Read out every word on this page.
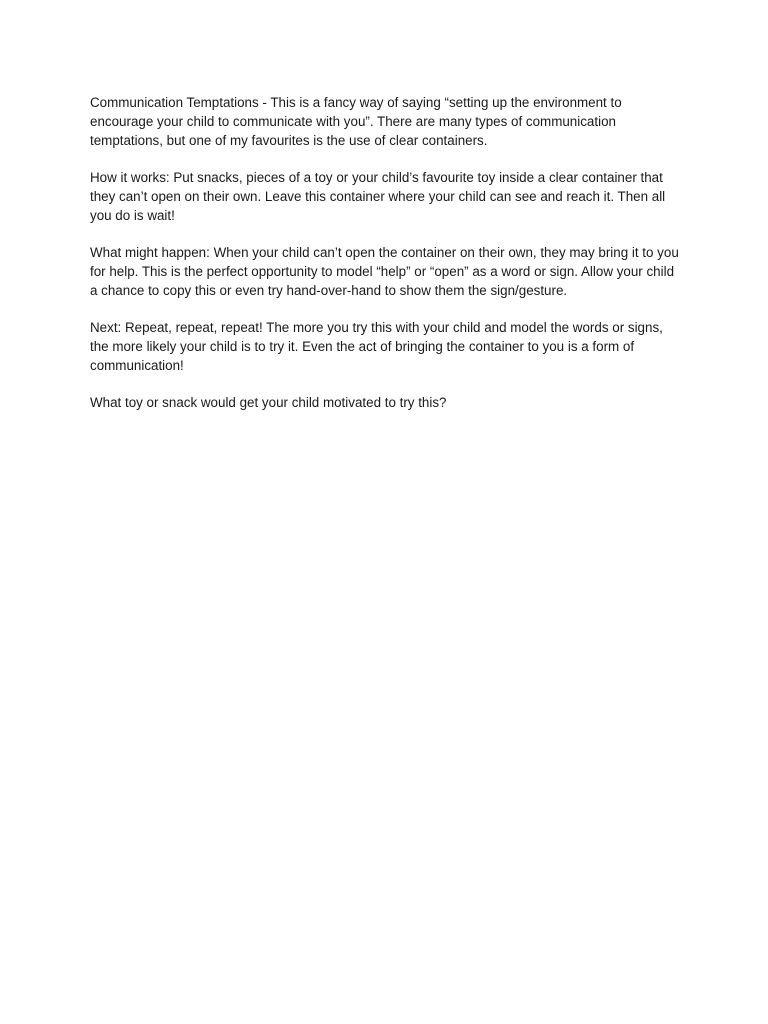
Communication Temptations - This is a fancy way of saying “setting up the environment to encourage your child to communicate with you”. There are many types of communication temptations, but one of my favourites is the use of clear containers.

How it works: Put snacks, pieces of a toy or your child’s favourite toy inside a clear container that they can’t open on their own. Leave this container where your child can see and reach it. Then all you do is wait!

What might happen: When your child can’t open the container on their own, they may bring it to you for help. This is the perfect opportunity to model “help” or “open” as a word or sign. Allow your child a chance to copy this or even try hand-over-hand to show them the sign/gesture.

Next: Repeat, repeat, repeat! The more you try this with your child and model the words or signs, the more likely your child is to try it. Even the act of bringing the container to you is a form of communication!

What toy or snack would get your child motivated to try this?
